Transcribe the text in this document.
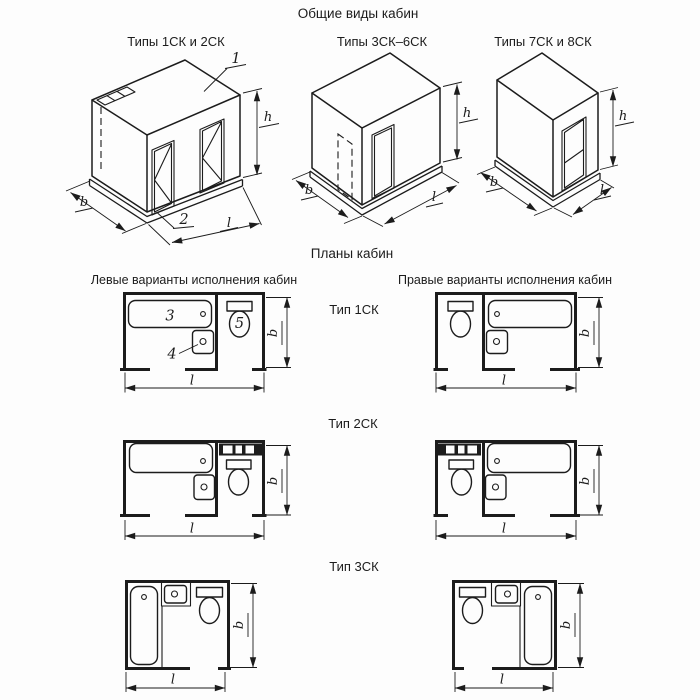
Общие виды кабин
Типы 1СК и 2СК	Типы 3СК–6СК	Типы 7СК и 8СК
Планы кабин
Левые варианты исполнения кабин	Правые варианты исполнения кабин
Тип 1СК
Тип 2СК
Тип 3СК
h
b
l
1
2
h
b	l
h
b
l
3
4
5
b
l
b
l
b
l
b
l
b
l
b
l
